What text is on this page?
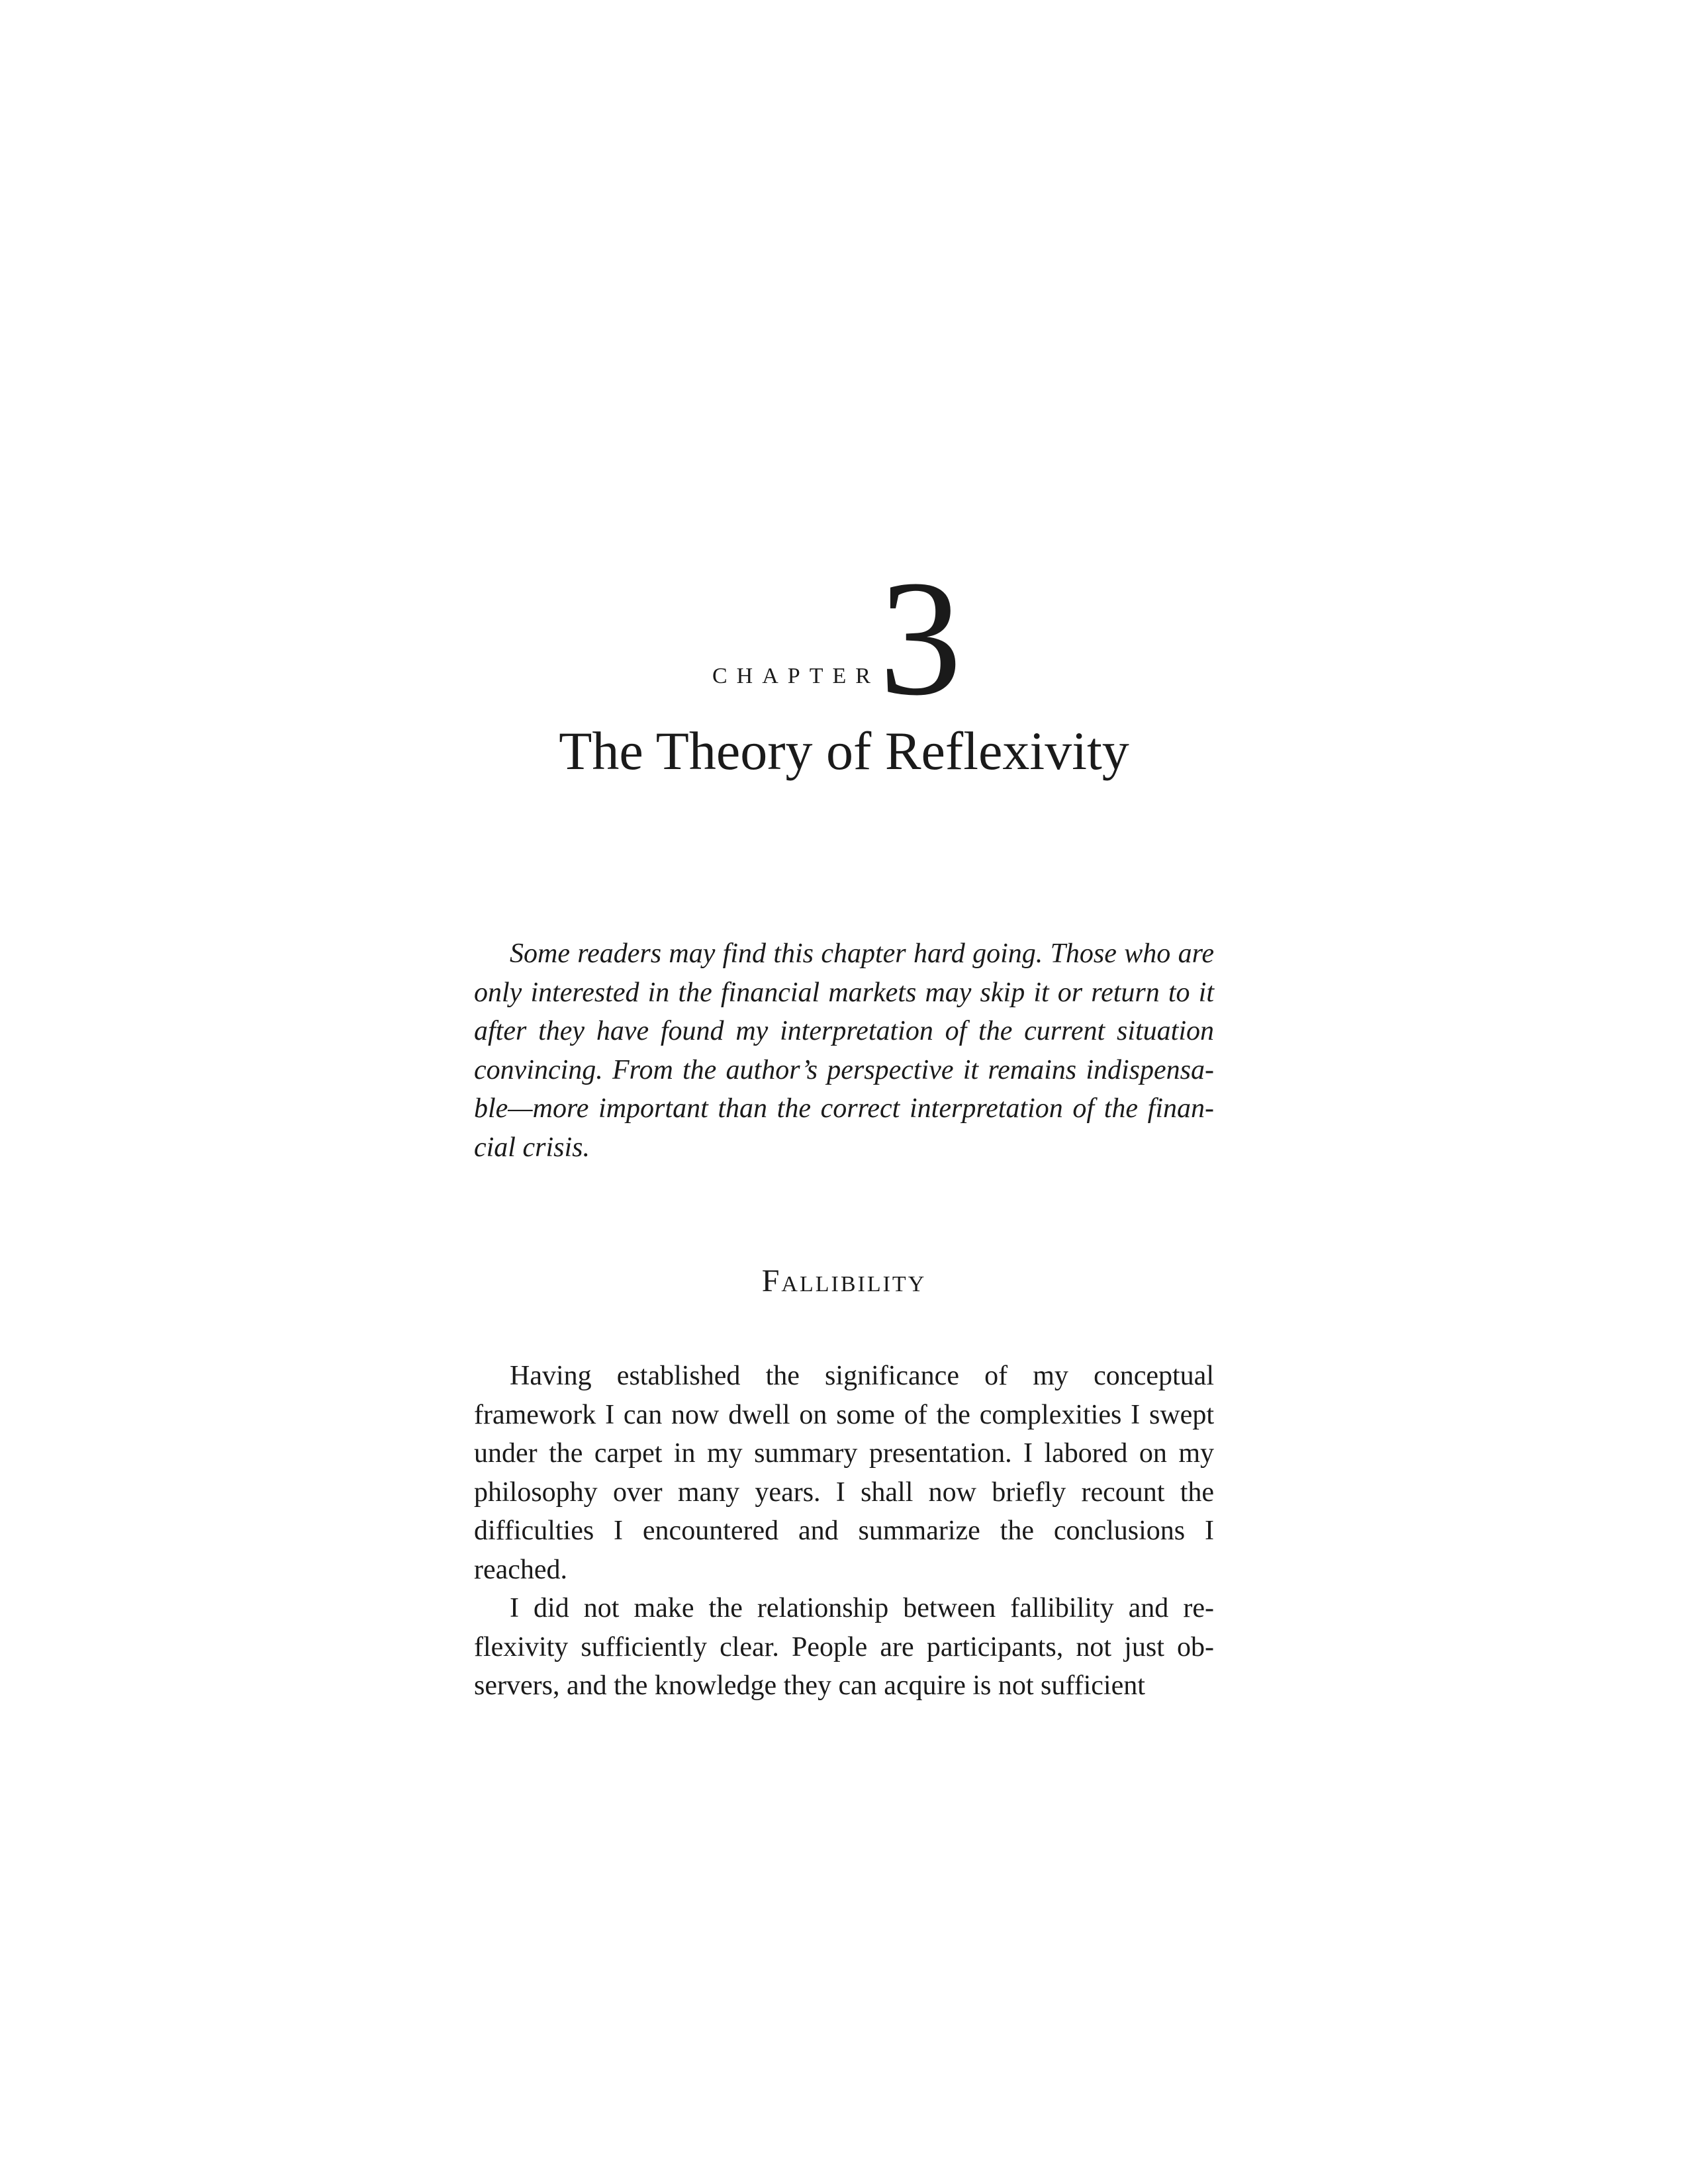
CHAPTER 3
The Theory of Reflexivity

Some readers may find this chapter hard going. Those who are only interested in the financial markets may skip it or return to it after they have found my interpretation of the current situation convincing. From the author’s perspective it remains indispensable—more important than the correct interpretation of the financial crisis.

Fallibility

Having established the significance of my conceptual framework I can now dwell on some of the complexities I swept under the carpet in my summary presentation. I labored on my philosophy over many years. I shall now briefly recount the difficulties I encountered and summarize the conclusions I reached.

I did not make the relationship between fallibility and reflexivity sufficiently clear. People are participants, not just observers, and the knowledge they can acquire is not sufficient
